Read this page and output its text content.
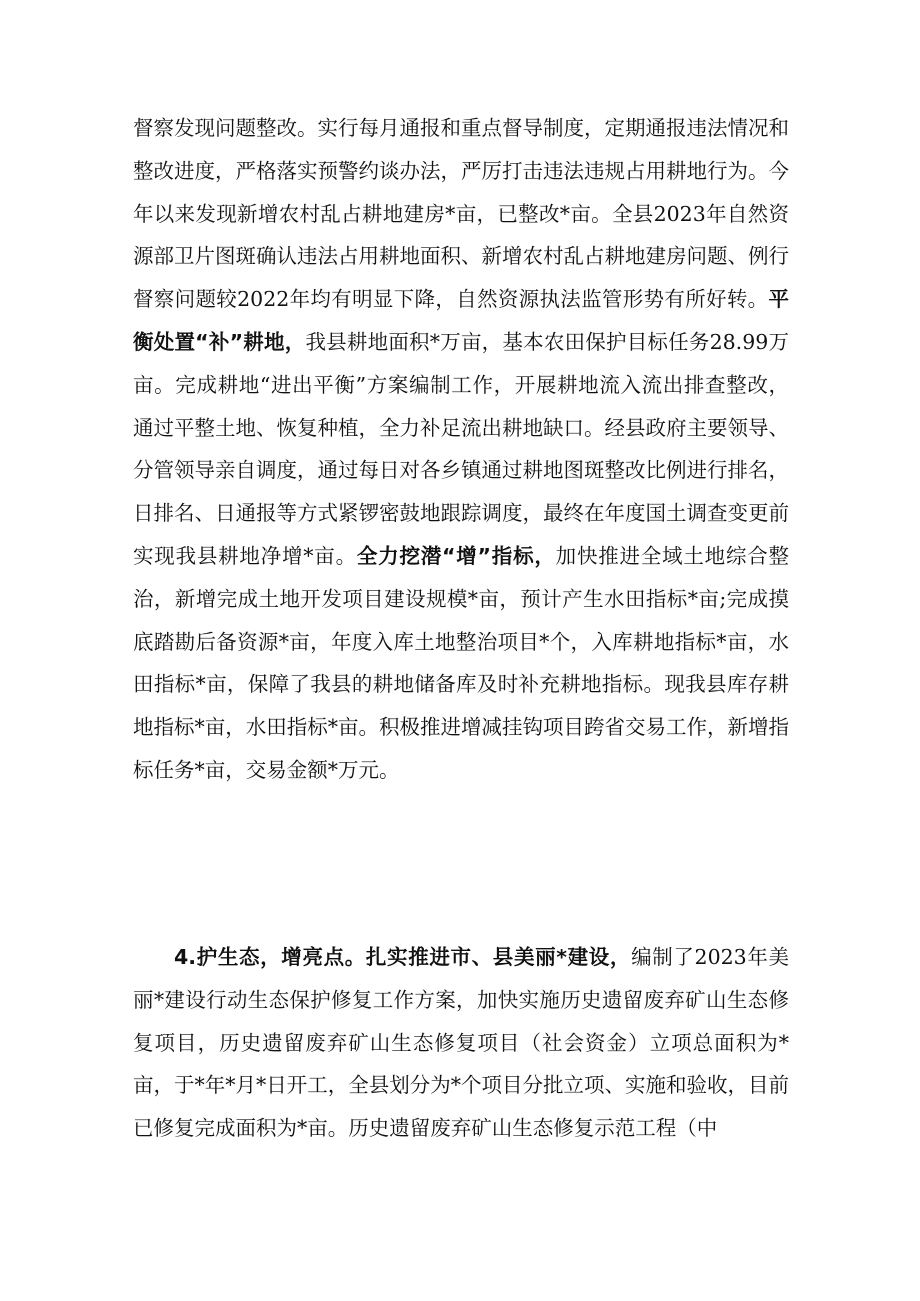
督察发现问题整改。实行每月通报和重点督导制度，定期通报违法情况和整改进度，严格落实预警约谈办法，严厉打击违法违规占用耕地行为。今年以来发现新增农村乱占耕地建房*亩，已整改*亩。全县2023年自然资源部卫片图斑确认违法占用耕地面积、新增农村乱占耕地建房问题、例行督察问题较2022年均有明显下降，自然资源执法监管形势有所好转。平衡处置“补”耕地，我县耕地面积*万亩，基本农田保护目标任务28.99万亩。完成耕地“进出平衡”方案编制工作，开展耕地流入流出排查整改，通过平整土地、恢复种植，全力补足流出耕地缺口。经县政府主要领导、分管领导亲自调度，通过每日对各乡镇通过耕地图斑整改比例进行排名，日排名、日通报等方式紧锣密鼓地跟踪调度，最终在年度国土调查变更前实现我县耕地净增*亩。全力挖潜“增”指标，加快推进全域土地综合整治，新增完成土地开发项目建设规模*亩，预计产生水田指标*亩;完成摸底踏勘后备资源*亩，年度入库土地整治项目*个，入库耕地指标*亩，水田指标*亩，保障了我县的耕地储备库及时补充耕地指标。现我县库存耕地指标*亩，水田指标*亩。积极推进增减挂钩项目跨省交易工作，新增指标任务*亩，交易金额*万元。

4.护生态，增亮点。扎实推进市、县美丽*建设，编制了2023年美丽*建设行动生态保护修复工作方案，加快实施历史遗留废弃矿山生态修复项目，历史遗留废弃矿山生态修复项目（社会资金）立项总面积为*亩，于*年*月*日开工，全县划分为*个项目分批立项、实施和验收，目前已修复完成面积为*亩。历史遗留废弃矿山生态修复示范工程（中
